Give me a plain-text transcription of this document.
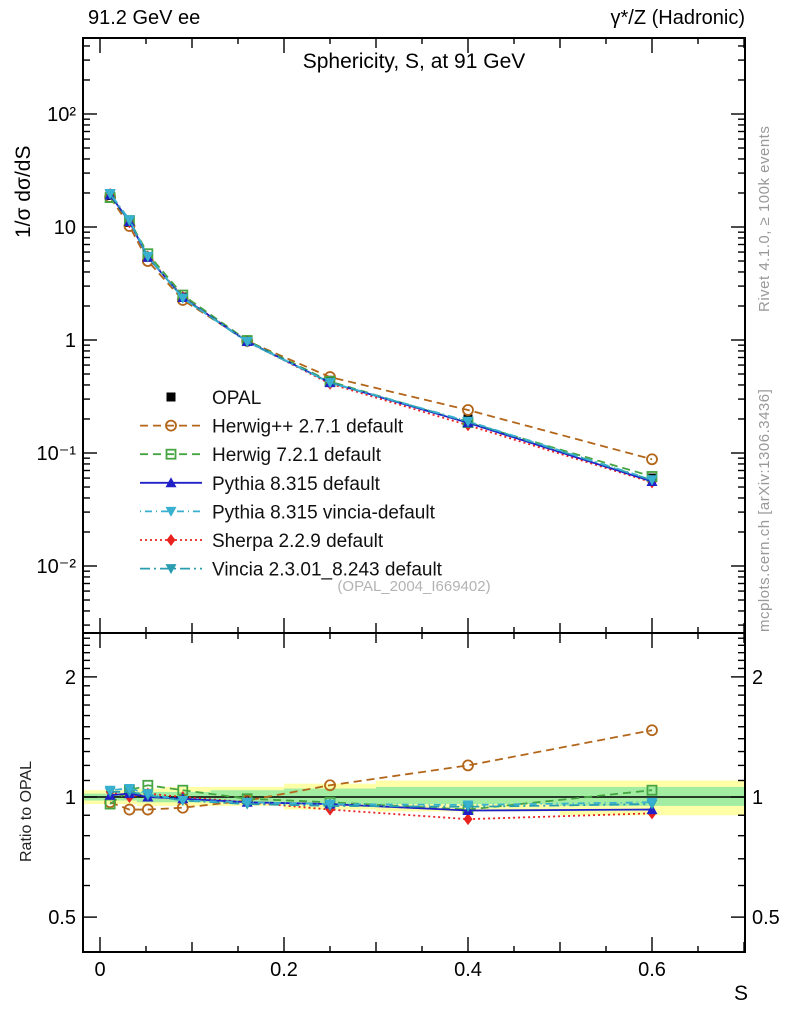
91.2 GeV ee	γ*/Z (Hadronic)
Sphericity, S, at 91 GeV
1/σ dσ/dS
Ratio to OPAL
Rivet 4.1.0, ≥ 100k events
mcplots.cern.ch [arXiv:1306.3436]
(OPAL_2004_I669402)
S
10²
10
1
10⁻¹
10⁻²
2	2
1	1
0.5	0.5
0	0.2	0.4	0.6
OPAL
Herwig++ 2.7.1 default
Herwig 7.2.1 default
Pythia 8.315 default
Pythia 8.315 vincia-default
Sherpa 2.2.9 default
Vincia 2.3.01_8.243 default
